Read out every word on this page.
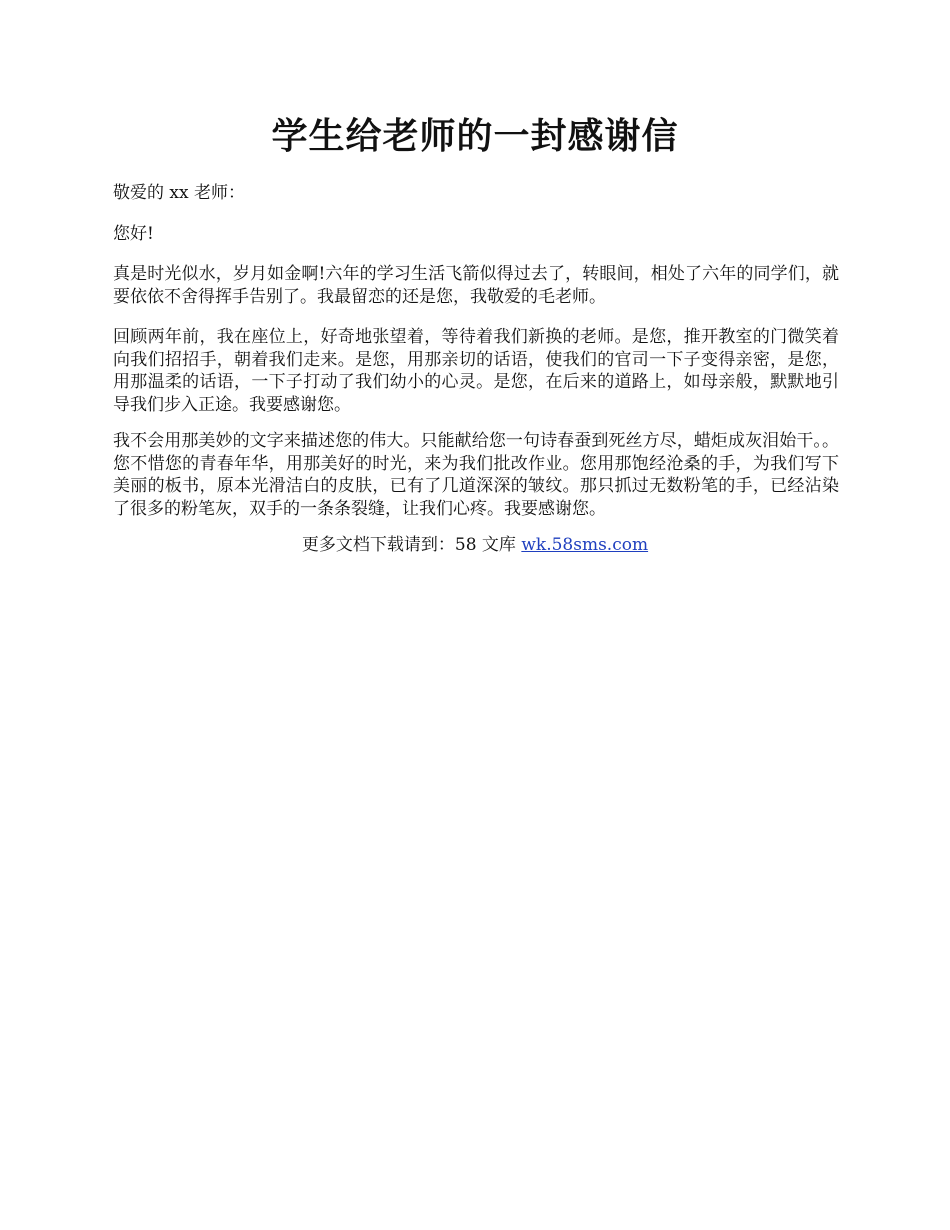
学生给老师的一封感谢信

敬爱的 xx 老师：

您好!

真是时光似水，岁月如金啊!六年的学习生活飞箭似得过去了，转眼间，相处了六年的同学们，就要依依不舍得挥手告别了。我最留恋的还是您，我敬爱的毛老师。

回顾两年前，我在座位上，好奇地张望着，等待着我们新换的老师。是您，推开教室的门微笑着向我们招招手，朝着我们走来。是您，用那亲切的话语，使我们的官司一下子变得亲密，是您，用那温柔的话语，一下子打动了我们幼小的心灵。是您，在后来的道路上，如母亲般，默默地引导我们步入正途。我要感谢您。

我不会用那美妙的文字来描述您的伟大。只能献给您一句诗春蚕到死丝方尽，蜡炬成灰泪始干。。您不惜您的青春年华，用那美好的时光，来为我们批改作业。您用那饱经沧桑的手，为我们写下美丽的板书，原本光滑洁白的皮肤，已有了几道深深的皱纹。那只抓过无数粉笔的手，已经沾染了很多的粉笔灰，双手的一条条裂缝，让我们心疼。我要感谢您。

更多文档下载请到：58 文库 wk.58sms.com
